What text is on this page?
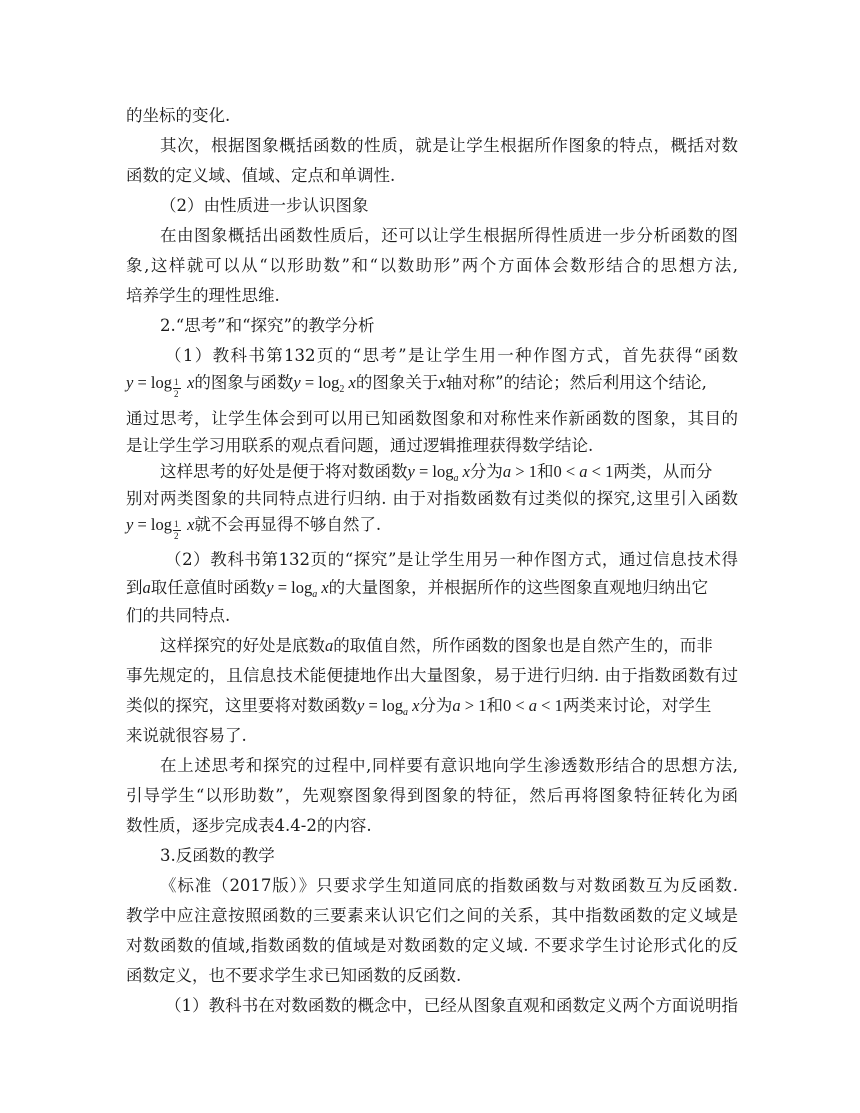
的坐标的变化.
其次，根据图象概括函数的性质，就是让学生根据所作图象的特点，概括对数
函数的定义域、值域、定点和单调性.
（2）由性质进一步认识图象
在由图象概括出函数性质后，还可以让学生根据所得性质进一步分析函数的图
象,这样就可以从“以形助数”和“以数助形”两个方面体会数形结合的思想方法,
培养学生的理性思维.
2.“思考”和“探究”的教学分析
（1）教科书第132页的“思考”是让学生用一种作图方式，首先获得“函数
$y = \log \frac{1}{2}$ x的图象与函数$y = \log_2 x$的图象关于x轴对称”的结论；然后利用这个结论,
通过思考，让学生体会到可以用已知函数图象和对称性来作新函数的图象，其目的
是让学生学习用联系的观点看问题，通过逻辑推理获得数学结论.
这样思考的好处是便于将对数函数$y = \log_a x$分为a > 1和0 < a < 1两类，从而分
别对两类图象的共同特点进行归纳. 由于对指数函数有过类似的探究,这里引入函数
$y = \log \frac{1}{2}$ x就不会再显得不够自然了.
（2）教科书第132页的“探究”是让学生用另一种作图方式，通过信息技术得
到a取任意值时函数$y = \log_a x$的大量图象，并根据所作的这些图象直观地归纳出它
们的共同特点.
这样探究的好处是底数a的取值自然，所作函数的图象也是自然产生的，而非
事先规定的，且信息技术能便捷地作出大量图象，易于进行归纳. 由于指数函数有过
类似的探究，这里要将对数函数$y = \log_a x$分为a > 1和0 < a < 1两类来讨论，对学生
来说就很容易了.
在上述思考和探究的过程中,同样要有意识地向学生渗透数形结合的思想方法,
引导学生“以形助数”，先观察图象得到图象的特征，然后再将图象特征转化为函
数性质，逐步完成表4.4-2的内容.
3.反函数的教学
《标准（2017版）》只要求学生知道同底的指数函数与对数函数互为反函数.
教学中应注意按照函数的三要素来认识它们之间的关系，其中指数函数的定义域是
对数函数的值域,指数函数的值域是对数函数的定义域. 不要求学生讨论形式化的反
函数定义，也不要求学生求已知函数的反函数.
（1）教科书在对数函数的概念中，已经从图象直观和函数定义两个方面说明指
